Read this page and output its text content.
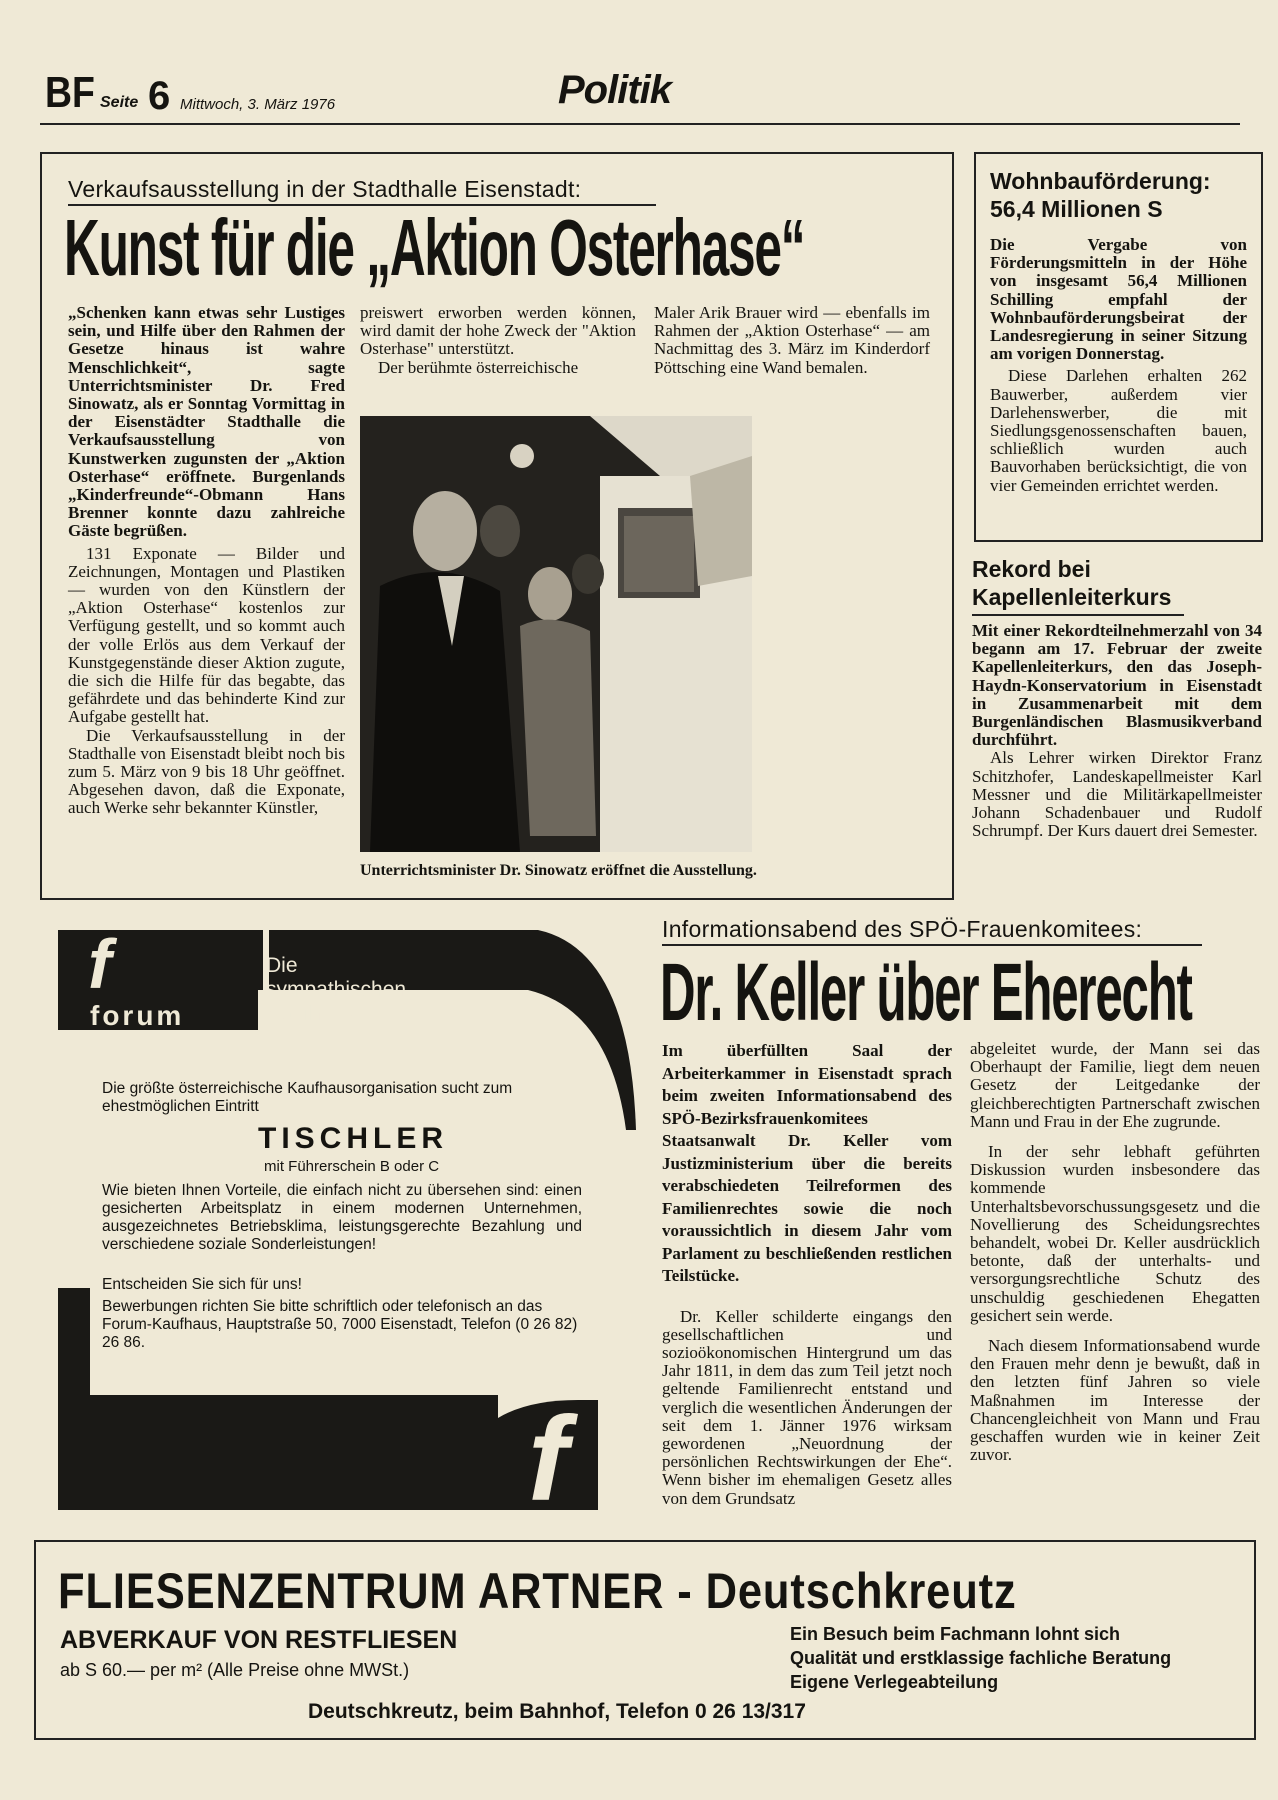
BF Seite 6 Mittwoch, 3. März 1976	Politik
Verkaufsausstellung in der Stadthalle Eisenstadt:
Kunst für die „Aktion Osterhase“

„Schenken kann etwas sehr Lustiges sein, und Hilfe über den Rahmen der Gesetze hinaus ist wahre Menschlichkeit“, sagte Unterrichtsminister Dr. Fred Sinowatz, als er Sonntag Vormittag in der Eisenstädter Stadthalle die Verkaufsausstellung von Kunstwerken zugunsten der „Aktion Osterhase“ eröffnete. Burgenlands „Kinderfreunde“-Obmann Hans Brenner konnte dazu zahlreiche Gäste begrüßen.

131 Exponate — Bilder und Zeichnungen, Montagen und Plastiken — wurden von den Künstlern der „Aktion Osterhase“ kostenlos zur Verfügung gestellt, und so kommt auch der volle Erlös aus dem Verkauf der Kunstgegenstände dieser Aktion zugute, die sich die Hilfe für das begabte, das gefährdete und das behinderte Kind zur Aufgabe gestellt hat.

Die Verkaufsausstellung in der Stadthalle von Eisenstadt bleibt noch bis zum 5. März von 9 bis 18 Uhr geöffnet. Abgesehen davon, daß die Exponate, auch Werke sehr bekannter Künstler,

preiswert erworben werden können, wird damit der hohe Zweck der "Aktion Osterhase" unterstützt.

Der berühmte österreichische

Maler Arik Brauer wird — ebenfalls im Rahmen der „Aktion Osterhase“ — am Nachmittag des 3. März im Kinderdorf Pöttsching eine Wand bemalen.

Unterrichtsminister Dr. Sinowatz eröffnet die Ausstellung.
Wohnbauförderung:
56,4 Millionen S

Die Vergabe von Förderungsmitteln in der Höhe von insgesamt 56,4 Millionen Schilling empfahl der Wohnbauförderungsbeirat der Landesregierung in seiner Sitzung am vorigen Donnerstag.

Diese Darlehen erhalten 262 Bauwerber, außerdem vier Darlehenswerber, die mit Siedlungsgenossenschaften bauen, schließlich wurden auch Bauvorhaben berücksichtigt, die von vier Gemeinden errichtet werden.

Rekord bei
Kapellenleiterkurs

Mit einer Rekordteilnehmerzahl von 34 begann am 17. Februar der zweite Kapellenleiterkurs, den das Joseph-Haydn-Konservatorium in Eisenstadt in Zusammenarbeit mit dem Burgenländischen Blasmusikverband durchführt.

Als Lehrer wirken Direktor Franz Schitzhofer, Landeskapellmeister Karl Messner und die Militärkapellmeister Johann Schadenbauer und Rudolf Schrumpf. Der Kurs dauert drei Semester.

f
forum
Die
sympathischen
Kaufhäuser
Die größte österreichische Kaufhausorganisation sucht zum ehestmöglichen Eintritt
TISCHLER
mit Führerschein B oder C
Wie bieten Ihnen Vorteile, die einfach nicht zu übersehen sind: einen gesicherten Arbeitsplatz in einem modernen Unternehmen, ausgezeichnetes Betriebsklima, leistungsgerechte Bezahlung und verschiedene soziale Sonderleistungen!
Entscheiden Sie sich für uns!
Bewerbungen richten Sie bitte schriftlich oder telefonisch an das Forum-Kaufhaus, Hauptstraße 50, 7000 Eisenstadt, Telefon (0 26 82) 26 86.
f
Informationsabend des SPÖ-Frauenkomitees:
Dr. Keller über Eherecht

Im überfüllten Saal der Arbeiterkammer in Eisenstadt sprach beim zweiten Informationsabend des SPÖ-Bezirksfrauenkomitees Staatsanwalt Dr. Keller vom Justizministerium über die bereits verabschiedeten Teilreformen des Familienrechtes sowie die noch voraussichtlich in diesem Jahr vom Parlament zu beschließenden restlichen Teilstücke.

Dr. Keller schilderte eingangs den gesellschaftlichen und sozioökonomischen Hintergrund um das Jahr 1811, in dem das zum Teil jetzt noch geltende Familienrecht entstand und verglich die wesentlichen Änderungen der seit dem 1. Jänner 1976 wirksam gewordenen „Neuordnung der persönlichen Rechtswirkungen der Ehe“. Wenn bisher im ehemaligen Gesetz alles von dem Grundsatz

abgeleitet wurde, der Mann sei das Oberhaupt der Familie, liegt dem neuen Gesetz der Leitgedanke der gleichberechtigten Partnerschaft zwischen Mann und Frau in der Ehe zugrunde.

In der sehr lebhaft geführten Diskussion wurden insbesondere das kommende Unterhaltsbevorschussungsgesetz und die Novellierung des Scheidungsrechtes behandelt, wobei Dr. Keller ausdrücklich betonte, daß der unterhalts- und versorgungsrechtliche Schutz des unschuldig geschiedenen Ehegatten gesichert sein werde.

Nach diesem Informationsabend wurde den Frauen mehr denn je bewußt, daß in den letzten fünf Jahren so viele Maßnahmen im Interesse der Chancengleichheit von Mann und Frau geschaffen wurden wie in keiner Zeit zuvor.

FLIESENZENTRUM ARTNER - Deutschkreutz
ABVERKAUF VON RESTFLIESEN
ab S 60.— per m² (Alle Preise ohne MWSt.)
Ein Besuch beim Fachmann lohnt sich
Qualität und erstklassige fachliche Beratung
Eigene Verlegeabteilung
Deutschkreutz, beim Bahnhof, Telefon 0 26 13/317
